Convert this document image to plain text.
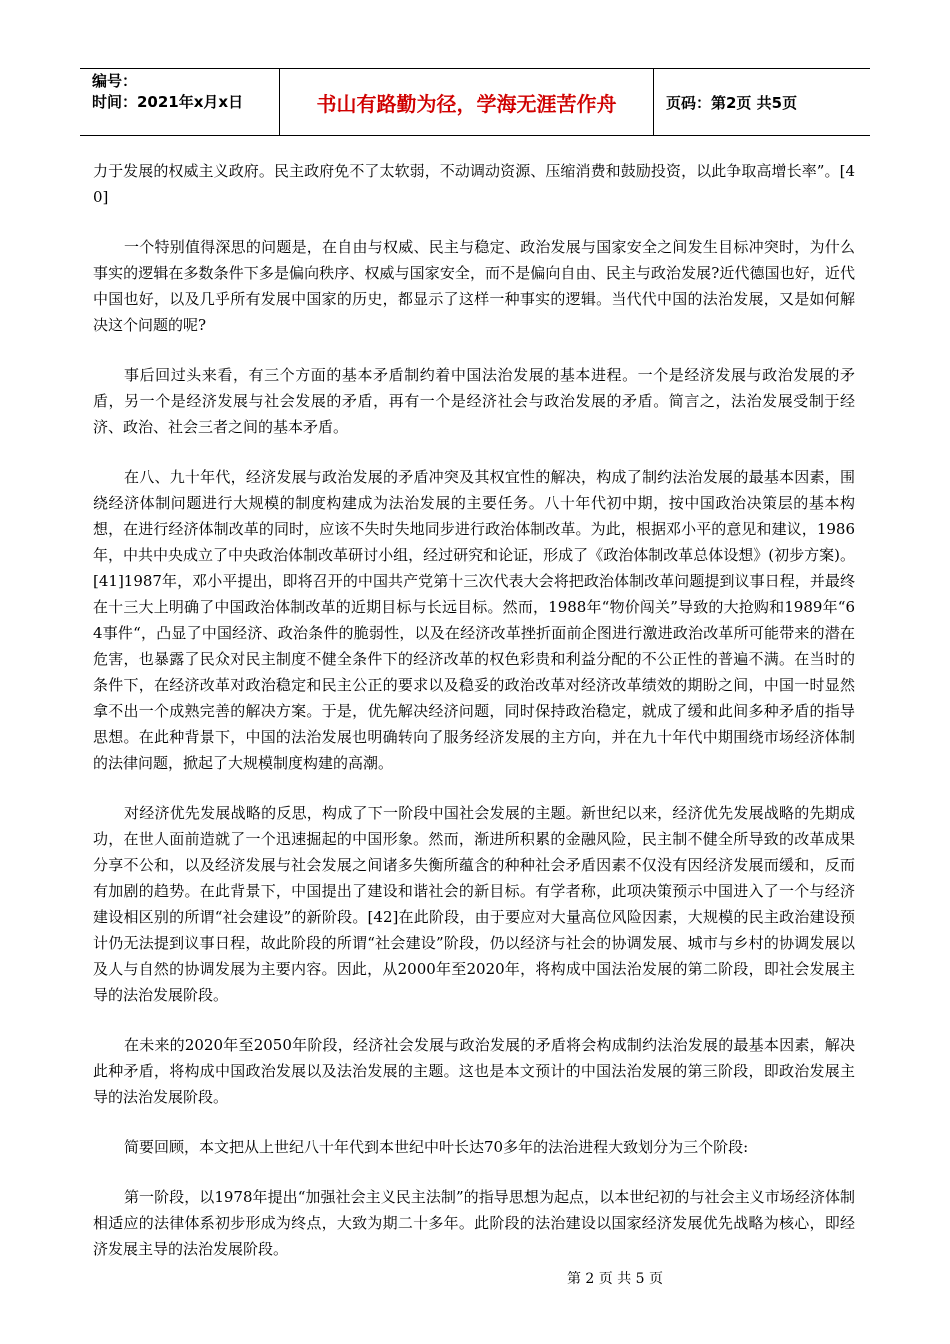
编号：
时间：2021年x月x日	书山有路勤为径，学海无涯苦作舟	页码：第2页 共5页

力于发展的权威主义政府。民主政府免不了太软弱，不动调动资源、压缩消费和鼓励投资，以此争取高增长率”。[40]

一个特别值得深思的问题是，在自由与权威、民主与稳定、政治发展与国家安全之间发生目标冲突时，为什么事实的逻辑在多数条件下多是偏向秩序、权威与国家安全，而不是偏向自由、民主与政治发展?近代德国也好，近代中国也好，以及几乎所有发展中国家的历史，都显示了这样一种事实的逻辑。当代代中国的法治发展，又是如何解决这个问题的呢?

事后回过头来看，有三个方面的基本矛盾制约着中国法治发展的基本进程。一个是经济发展与政治发展的矛盾，另一个是经济发展与社会发展的矛盾，再有一个是经济社会与政治发展的矛盾。简言之，法治发展受制于经济、政治、社会三者之间的基本矛盾。

在八、九十年代，经济发展与政治发展的矛盾冲突及其权宜性的解决，构成了制约法治发展的最基本因素，围绕经济体制问题进行大规模的制度构建成为法治发展的主要任务。八十年代初中期，按中国政治决策层的基本构想，在进行经济体制改革的同时，应该不失时失地同步进行政治体制改革。为此，根据邓小平的意见和建议，1986年，中共中央成立了中央政治体制改革研讨小组，经过研究和论证，形成了《政治体制改革总体设想》(初步方案)。[41]1987年，邓小平提出，即将召开的中国共产党第十三次代表大会将把政治体制改革问题提到议事日程，并最终在十三大上明确了中国政治体制改革的近期目标与长远目标。然而，1988年“物价闯关”导致的大抢购和1989年“64事件“，凸显了中国经济、政治条件的脆弱性，以及在经济改革挫折面前企图进行激进政治改革所可能带来的潜在危害，也暴露了民众对民主制度不健全条件下的经济改革的权色彩贵和利益分配的不公正性的普遍不满。在当时的条件下，在经济改革对政治稳定和民主公正的要求以及稳妥的政治改革对经济改革绩效的期盼之间，中国一时显然拿不出一个成熟完善的解决方案。于是，优先解决经济问题，同时保持政治稳定，就成了缓和此间多种矛盾的指导思想。在此种背景下，中国的法治发展也明确转向了服务经济发展的主方向，并在九十年代中期围绕市场经济体制的法律问题，掀起了大规模制度构建的高潮。

对经济优先发展战略的反思，构成了下一阶段中国社会发展的主题。新世纪以来，经济优先发展战略的先期成功，在世人面前造就了一个迅速掘起的中国形象。然而，渐进所积累的金融风险，民主制不健全所导致的改革成果分享不公和，以及经济发展与社会发展之间诸多失衡所蕴含的种种社会矛盾因素不仅没有因经济发展而缓和，反而有加剧的趋势。在此背景下，中国提出了建设和谐社会的新目标。有学者称，此项决策预示中国进入了一个与经济建设相区别的所谓“社会建设”的新阶段。[42]在此阶段，由于要应对大量高位风险因素，大规模的民主政治建设预计仍无法提到议事日程，故此阶段的所谓“社会建设”阶段，仍以经济与社会的协调发展、城市与乡村的协调发展以及人与自然的协调发展为主要内容。因此，从2000年至2020年，将构成中国法治发展的第二阶段，即社会发展主导的法治发展阶段。

在未来的2020年至2050年阶段，经济社会发展与政治发展的矛盾将会构成制约法治发展的最基本因素，解决此种矛盾，将构成中国政治发展以及法治发展的主题。这也是本文预计的中国法治发展的第三阶段，即政治发展主导的法治发展阶段。

简要回顾，本文把从上世纪八十年代到本世纪中叶长达70多年的法治进程大致划分为三个阶段:

第一阶段，以1978年提出“加强社会主义民主法制”的指导思想为起点，以本世纪初的与社会主义市场经济体制相适应的法律体系初步形成为终点，大致为期二十多年。此阶段的法治建设以国家经济发展优先战略为核心，即经济发展主导的法治发展阶段。

第 2 页 共 5 页
